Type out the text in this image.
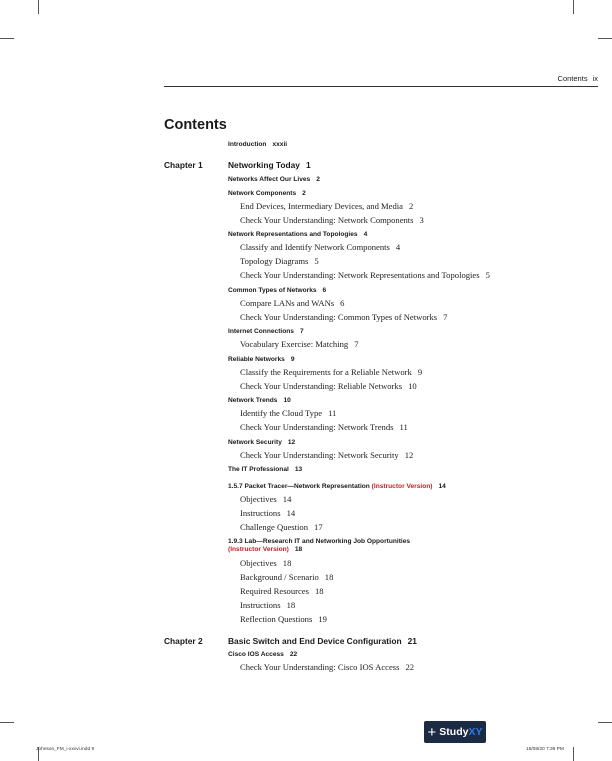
Contents ix
Contents
Introduction xxxii
Chapter 1	Networking Today 1
Networks Affect Our Lives 2
Network Components 2
End Devices, Intermediary Devices, and Media 2
Check Your Understanding: Network Components 3
Network Representations and Topologies 4
Classify and Identify Network Components 4
Topology Diagrams 5
Check Your Understanding: Network Representations and Topologies 5
Common Types of Networks 6
Compare LANs and WANs 6
Check Your Understanding: Common Types of Networks 7
Internet Connections 7
Vocabulary Exercise: Matching 7
Reliable Networks 9
Classify the Requirements for a Reliable Network 9
Check Your Understanding: Reliable Networks 10
Network Trends 10
Identify the Cloud Type 11
Check Your Understanding: Network Trends 11
Network Security 12
Check Your Understanding: Network Security 12
The IT Professional 13
1.5.7 Packet Tracer—Network Representation (Instructor Version) 14
Objectives 14
Instructions 14
Challenge Question 17
1.9.3 Lab—Research IT and Networking Job Opportunities
(Instructor Version) 18
Objectives 18
Background / Scenario 18
Required Resources 18
Instructions 18
Reflection Questions 19
Chapter 2	Basic Switch and End Device Configuration 21
Cisco IOS Access 22
Check Your Understanding: Cisco IOS Access 22
+ Study XY
Johnson_FM_i-xxxvi.indd 9	15/08/20 7:39 PM
